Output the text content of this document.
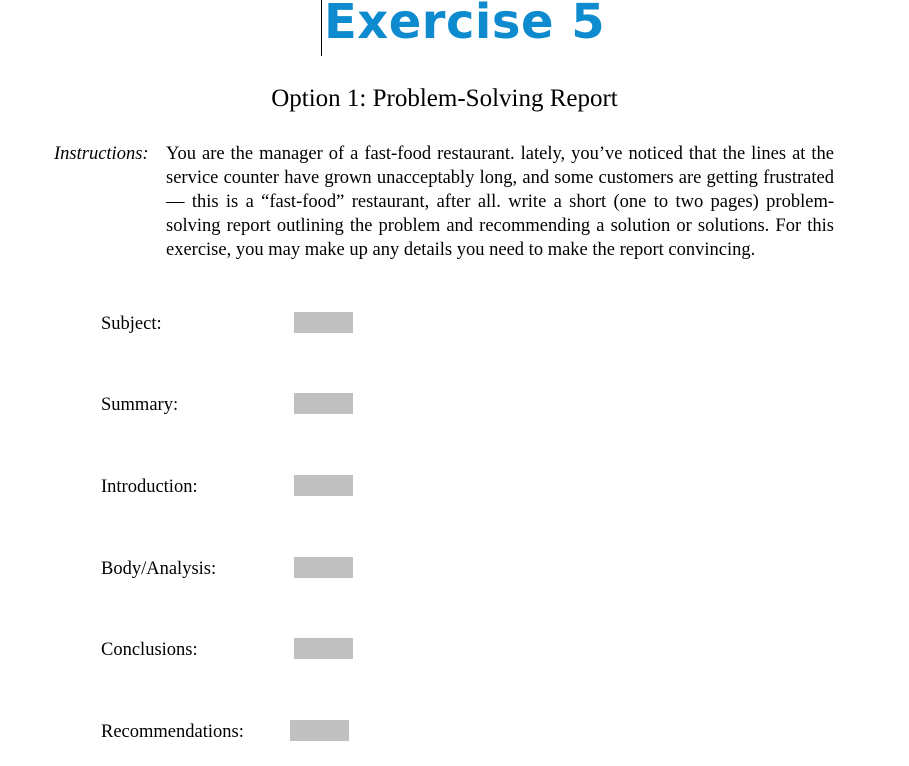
Exercise 5
Option 1: Problem-Solving Report
Instructions: You are the manager of a fast-food restaurant. lately, you’ve noticed that the lines at the service counter have grown unacceptably long, and some customers are getting frustrated— this is a “fast-food” restaurant, after all. write a short (one to two pages) problem-solving report outlining the problem and recommending a solution or solutions. For this exercise, you may make up any details you need to make the report convincing.
Subject:
Summary:
Introduction:
Body/Analysis:
Conclusions:
Recommendations:
